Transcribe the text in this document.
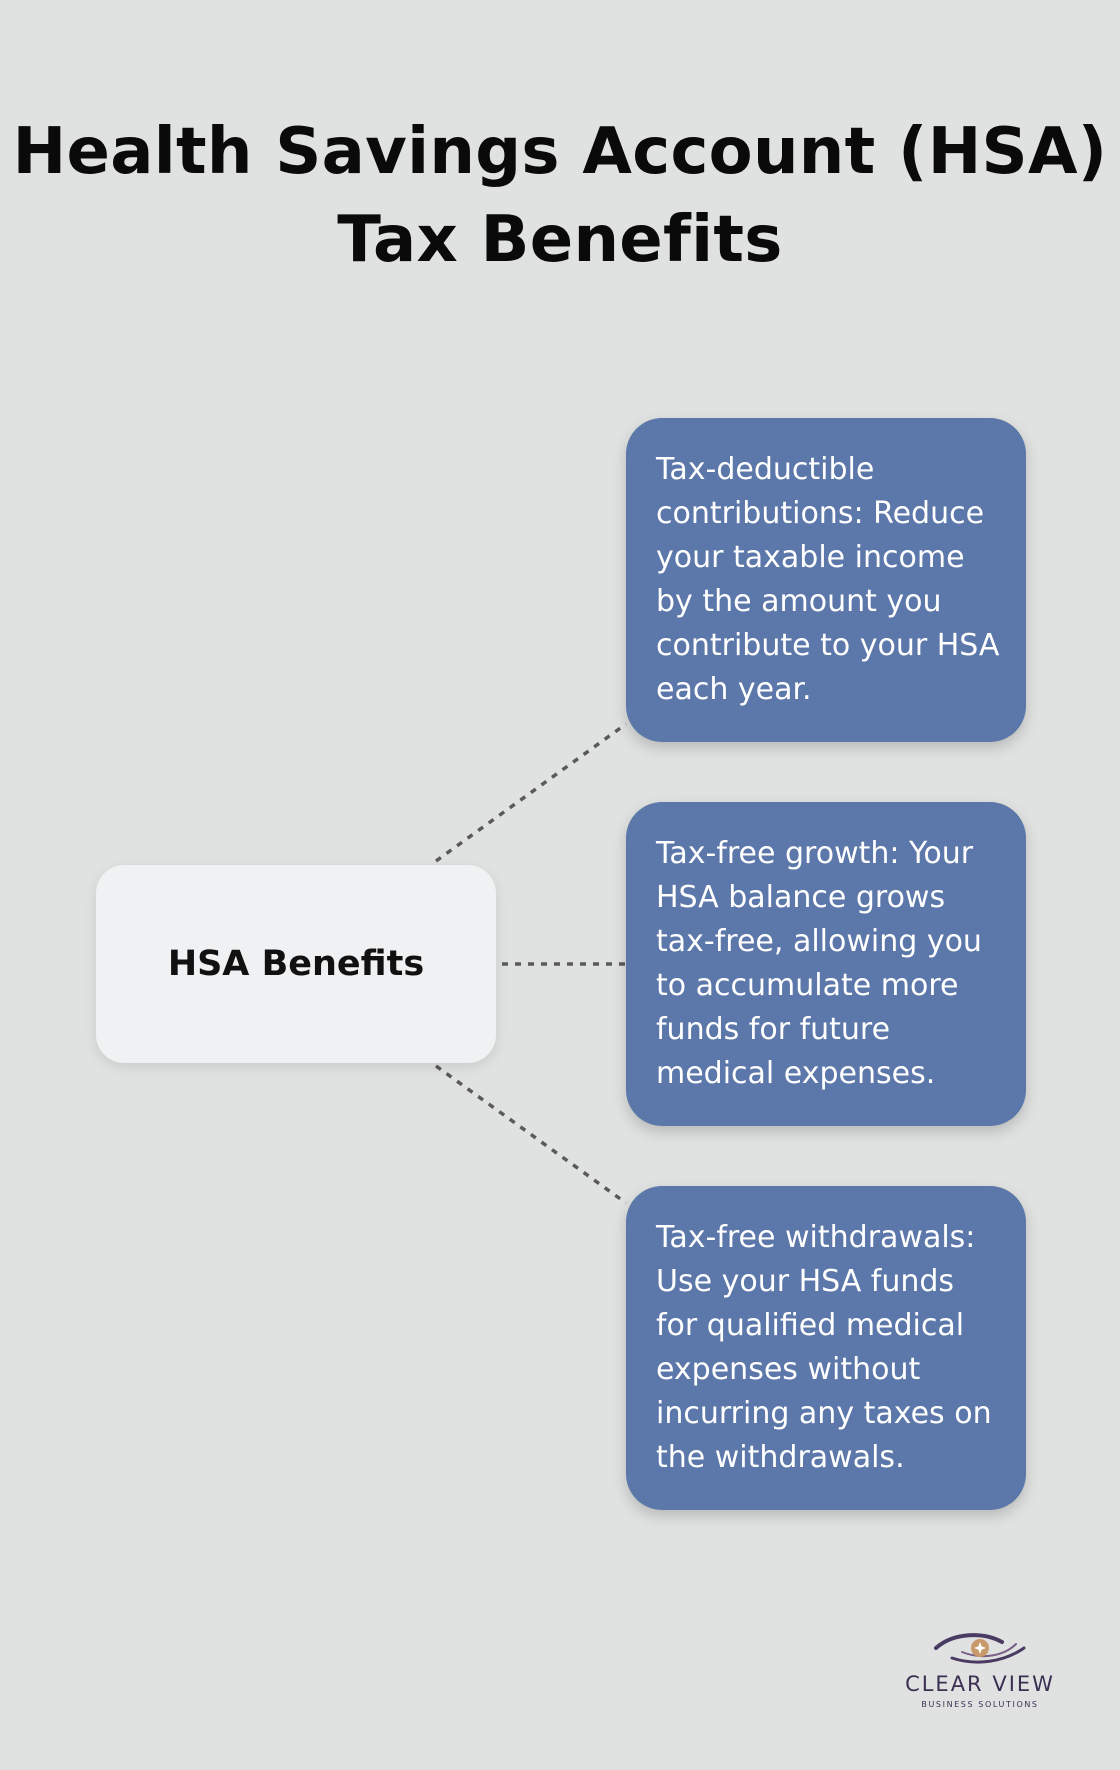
Health Savings Account (HSA)
Tax Benefits
HSA Benefits
Tax-deductible contributions: Reduce your taxable income by the amount you contribute to your HSA each year.
Tax-free growth: Your HSA balance grows tax-free, allowing you to accumulate more funds for future medical expenses.
Tax-free withdrawals: Use your HSA funds for qualified medical expenses without incurring any taxes on the withdrawals.
CLEAR VIEW
BUSINESS SOLUTIONS
